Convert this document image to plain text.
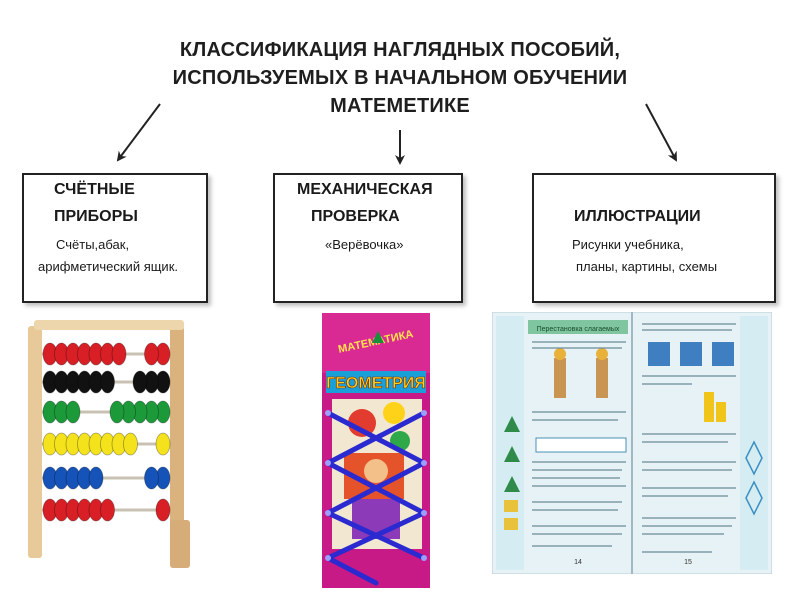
КЛАССИФИКАЦИЯ НАГЛЯДНЫХ ПОСОБИЙ,
ИСПОЛЬЗУЕМЫХ В НАЧАЛЬНОМ ОБУЧЕНИИ
МАТЕМЕТИКЕ
СЧЁТНЫЕ
ПРИБОРЫ
Счёты,абак,
арифметический ящик.
МЕХАНИЧЕСКАЯ
ПРОВЕРКА
«Верёвочка»
ИЛЛЮСТРАЦИИ
Рисунки учебника,
планы, картины, схемы
ГЕОМЕТРИЯ
Перестановка слагаемых
14	15
